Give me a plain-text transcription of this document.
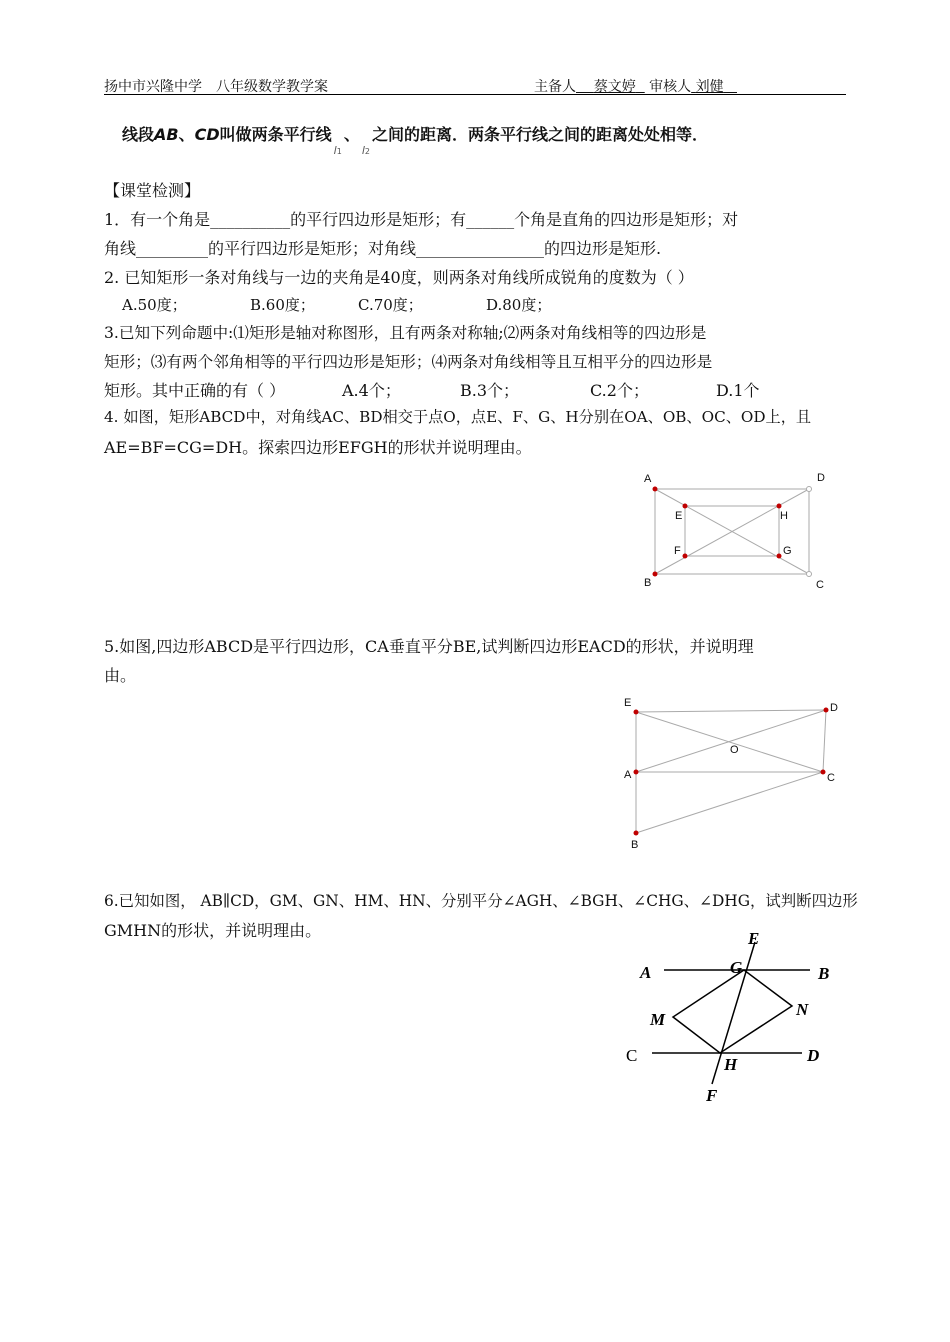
扬中市兴隆中学　八年级数学教学案	主备人 蔡文婷 审核人 刘健
线段AB、CD叫做两条平行线l1、l2之间的距离．两条平行线之间的距离处处相等．
【课堂检测】
1．有一个角是__________的平行四边形是矩形；有______个角是直角的四边形是矩形；对
角线_________的平行四边形是矩形；对角线________________的四边形是矩形.
2. 已知矩形一条对角线与一边的夹角是40度，则两条对角线所成锐角的度数为（ ）
A.50度；	B.60度；	C.70度；	D.80度；
3.已知下列命题中:⑴矩形是轴对称图形，且有两条对称轴;⑵两条对角线相等的四边形是
矩形；⑶有两个邻角相等的平行四边形是矩形；⑷两条对角线相等且互相平分的四边形是
矩形。其中正确的有（ ）	A.4个；	B.3个；	C.2个；	D.1个
4. 如图，矩形ABCD中，对角线AC、BD相交于点O，点E、F、G、H分别在OA、OB、OC、OD上，且
AE=BF=CG=DH。探索四边形EFGH的形状并说明理由。
A	D
E	H
F	G
B	C
5.如图,四边形ABCD是平行四边形，CA垂直平分BE,试判断四边形EACD的形状，并说明理
由。
E	D
O
A	C
B
6.已知如图， AB∥CD，GM、GN、HM、HN、分别平分∠AGH、∠BGH、∠CHG、∠DHG，试判断四边形
GMHN的形状，并说明理由。	E
G
A	B
M
N
H	D
F
C
